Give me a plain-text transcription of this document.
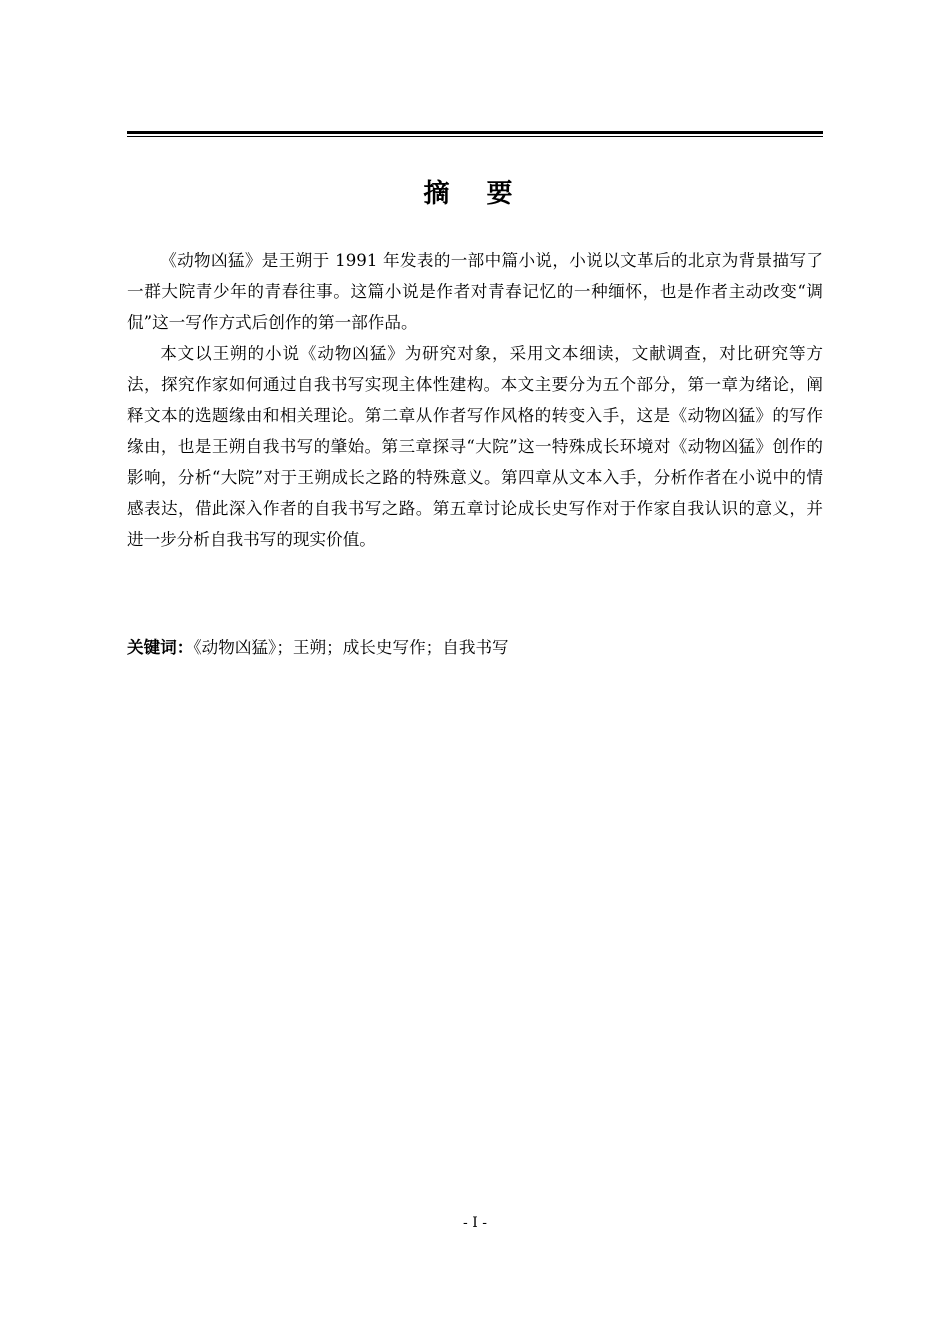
摘 要

《动物凶猛》是王朔于 1991 年发表的一部中篇小说，小说以文革后的北京为背景描写了一群大院青少年的青春往事。这篇小说是作者对青春记忆的一种缅怀，也是作者主动改变“调侃”这一写作方式后创作的第一部作品。

本文以王朔的小说《动物凶猛》为研究对象，采用文本细读，文献调查，对比研究等方法，探究作家如何通过自我书写实现主体性建构。本文主要分为五个部分，第一章为绪论，阐释文本的选题缘由和相关理论。第二章从作者写作风格的转变入手，这是《动物凶猛》的写作缘由，也是王朔自我书写的肇始。第三章探寻“大院”这一特殊成长环境对《动物凶猛》创作的影响，分析“大院”对于王朔成长之路的特殊意义。第四章从文本入手，分析作者在小说中的情感表达，借此深入作者的自我书写之路。第五章讨论成长史写作对于作家自我认识的意义，并进一步分析自我书写的现实价值。

关键词：《动物凶猛》；王朔；成长史写作；自我书写
- I -
